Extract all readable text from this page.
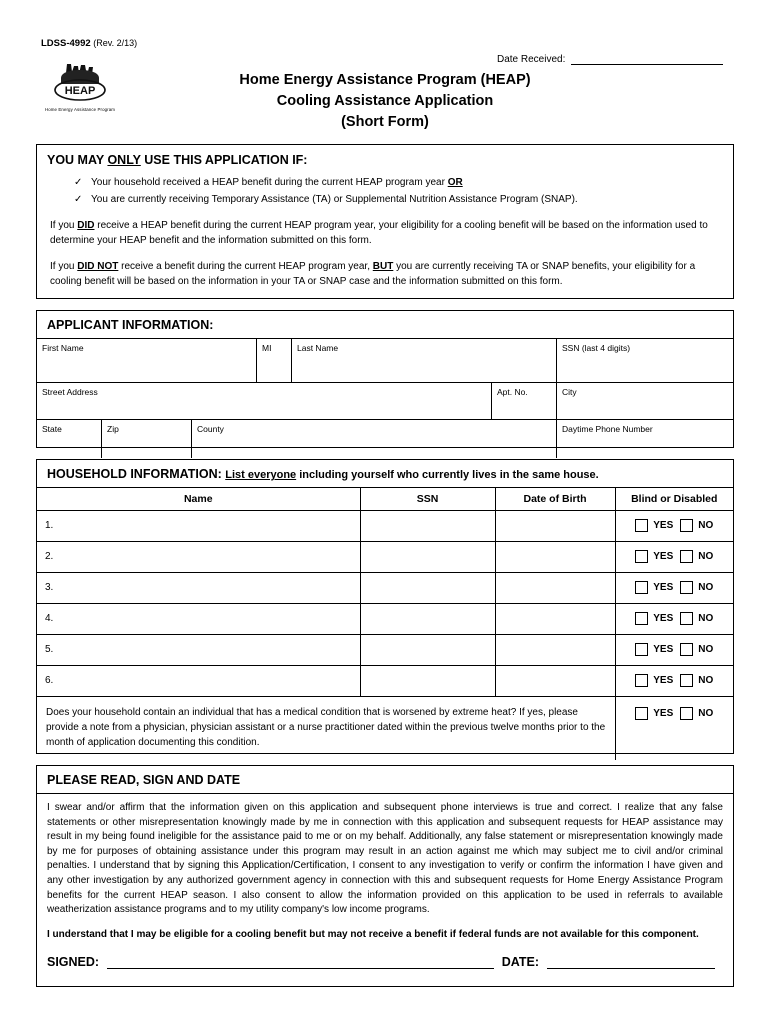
LDSS-4992 (Rev. 2/13)
Date Received:
HEAP
Home Energy Assistance Program
Home Energy Assistance Program (HEAP)
Cooling Assistance Application
(Short Form)
YOU MAY ONLY USE THIS APPLICATION IF:
✓ Your household received a HEAP benefit during the current HEAP program year OR
✓ You are currently receiving Temporary Assistance (TA) or Supplemental Nutrition Assistance Program (SNAP).
If you DID receive a HEAP benefit during the current HEAP program year, your eligibility for a cooling benefit will be based on the information used to determine your HEAP benefit and the information submitted on this form.
If you DID NOT receive a benefit during the current HEAP program year, BUT you are currently receiving TA or SNAP benefits, your eligibility for a cooling benefit will be based on the information in your TA or SNAP case and the information submitted on this form.
APPLICANT INFORMATION:
First Name	MI	Last Name	SSN (last 4 digits)
Street Address	Apt. No.	City
State	Zip	County	Daytime Phone Number
HOUSEHOLD INFORMATION: List everyone including yourself who currently lives in the same house.
Name	SSN	Date of Birth	Blind or Disabled
1.			YES NO

2.			YES NO

3.			YES NO

4.			YES NO

5.			YES NO

6.			YES NO

Does your household contain an individual that has a medical condition that is worsened by extreme heat? If yes, please provide a note from a physician, physician assistant or a nurse practitioner dated within the previous twelve months prior to the month of application documenting this condition.			YES NO
PLEASE READ, SIGN AND DATE
I swear and/or affirm that the information given on this application and subsequent phone interviews is true and correct. I realize that any false statements or other misrepresentation knowingly made by me in connection with this application and subsequent requests for HEAP assistance may result in my being found ineligible for the assistance paid to me or on my behalf. Additionally, any false statement or misrepresentation knowingly made by me for purposes of obtaining assistance under this program may result in an action against me which may subject me to civil and/or criminal penalties. I understand that by signing this Application/Certification, I consent to any investigation to verify or confirm the information I have given and any other investigation by any authorized government agency in connection with this and subsequent requests for Home Energy Assistance Program benefits for the current HEAP season. I also consent to allow the information provided on this application to be used in referrals to available weatherization assistance programs and to my utility company's low income programs.
I understand that I may be eligible for a cooling benefit but may not receive a benefit if federal funds are not available for this component.
SIGNED:	DATE:
